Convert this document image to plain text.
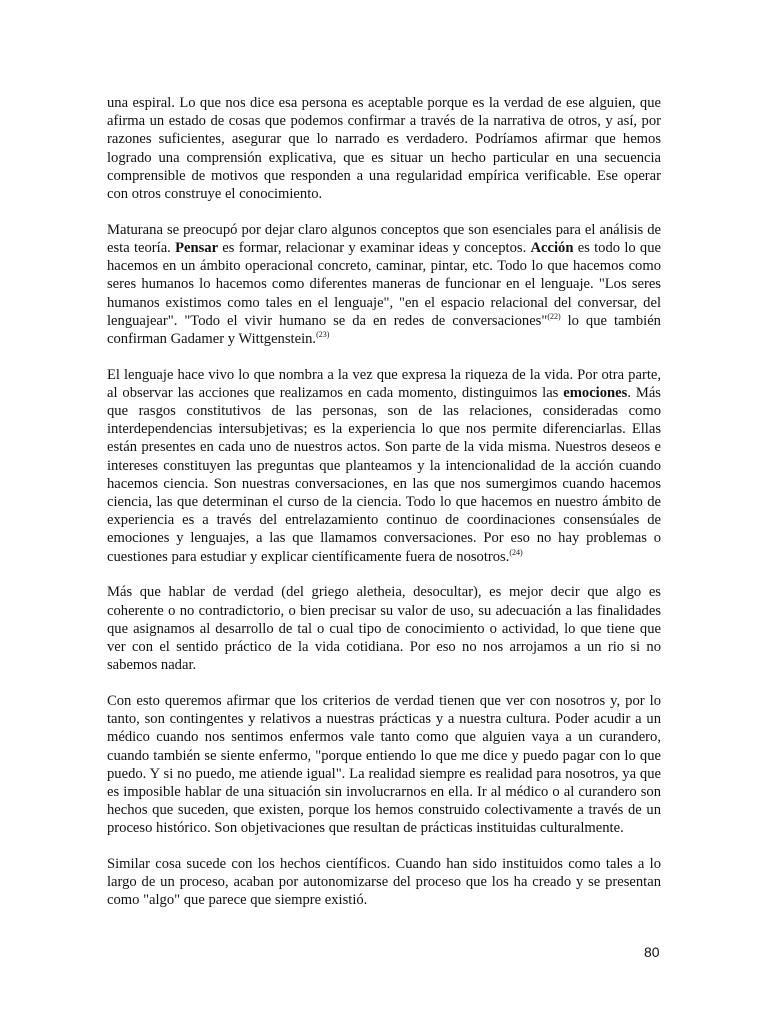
una espiral. Lo que nos dice esa persona es aceptable porque es la verdad de ese alguien, que afirma un estado de cosas que podemos confirmar a través de la narrativa de otros, y así, por razones suficientes, asegurar que lo narrado es verdadero. Podríamos afirmar que hemos logrado una comprensión explicativa, que es situar un hecho particular en una secuencia comprensible de motivos que responden a una regularidad empírica verificable. Ese operar con otros construye el conocimiento.

Maturana se preocupó por dejar claro algunos conceptos que son esenciales para el análisis de esta teoría. Pensar es formar, relacionar y examinar ideas y conceptos. Acción es todo lo que hacemos en un ámbito operacional concreto, caminar, pintar, etc. Todo lo que hacemos como seres humanos lo hacemos como diferentes maneras de funcionar en el lenguaje. "Los seres humanos existimos como tales en el lenguaje", "en el espacio relacional del conversar, del lenguajear". "Todo el vivir humano se da en redes de conversaciones"$^{(22)}$ lo que también confirman Gadamer y Wittgenstein.$^{(23)}$

El lenguaje hace vivo lo que nombra a la vez que expresa la riqueza de la vida. Por otra parte, al observar las acciones que realizamos en cada momento, distinguimos las emociones. Más que rasgos constitutivos de las personas, son de las relaciones, consideradas como interdependencias intersubjetivas; es la experiencia lo que nos permite diferenciarlas. Ellas están presentes en cada uno de nuestros actos. Son parte de la vida misma. Nuestros deseos e intereses constituyen las preguntas que planteamos y la intencionalidad de la acción cuando hacemos ciencia. Son nuestras conversaciones, en las que nos sumergimos cuando hacemos ciencia, las que determinan el curso de la ciencia. Todo lo que hacemos en nuestro ámbito de experiencia es a través del entrelazamiento continuo de coordinaciones consensúales de emociones y lenguajes, a las que llamamos conversaciones. Por eso no hay problemas o cuestiones para estudiar y explicar científicamente fuera de nosotros.$^{(24)}$

Más que hablar de verdad (del griego aletheia, desocultar), es mejor decir que algo es coherente o no contradictorio, o bien precisar su valor de uso, su adecuación a las finalidades que asignamos al desarrollo de tal o cual tipo de conocimiento o actividad, lo que tiene que ver con el sentido práctico de la vida cotidiana. Por eso no nos arrojamos a un rio si no sabemos nadar.

Con esto queremos afirmar que los criterios de verdad tienen que ver con nosotros y, por lo tanto, son contingentes y relativos a nuestras prácticas y a nuestra cultura. Poder acudir a un médico cuando nos sentimos enfermos vale tanto como que alguien vaya a un curandero, cuando también se siente enfermo, "porque entiendo lo que me dice y puedo pagar con lo que puedo. Y si no puedo, me atiende igual". La realidad siempre es realidad para nosotros, ya que es imposible hablar de una situación sin involucrarnos en ella. Ir al médico o al curandero son hechos que suceden, que existen, porque los hemos construido colectivamente a través de un proceso histórico. Son objetivaciones que resultan de prácticas instituidas culturalmente.

Similar cosa sucede con los hechos científicos. Cuando han sido instituidos como tales a lo largo de un proceso, acaban por autonomizarse del proceso que los ha creado y se presentan como "algo" que parece que siempre existió.

80
